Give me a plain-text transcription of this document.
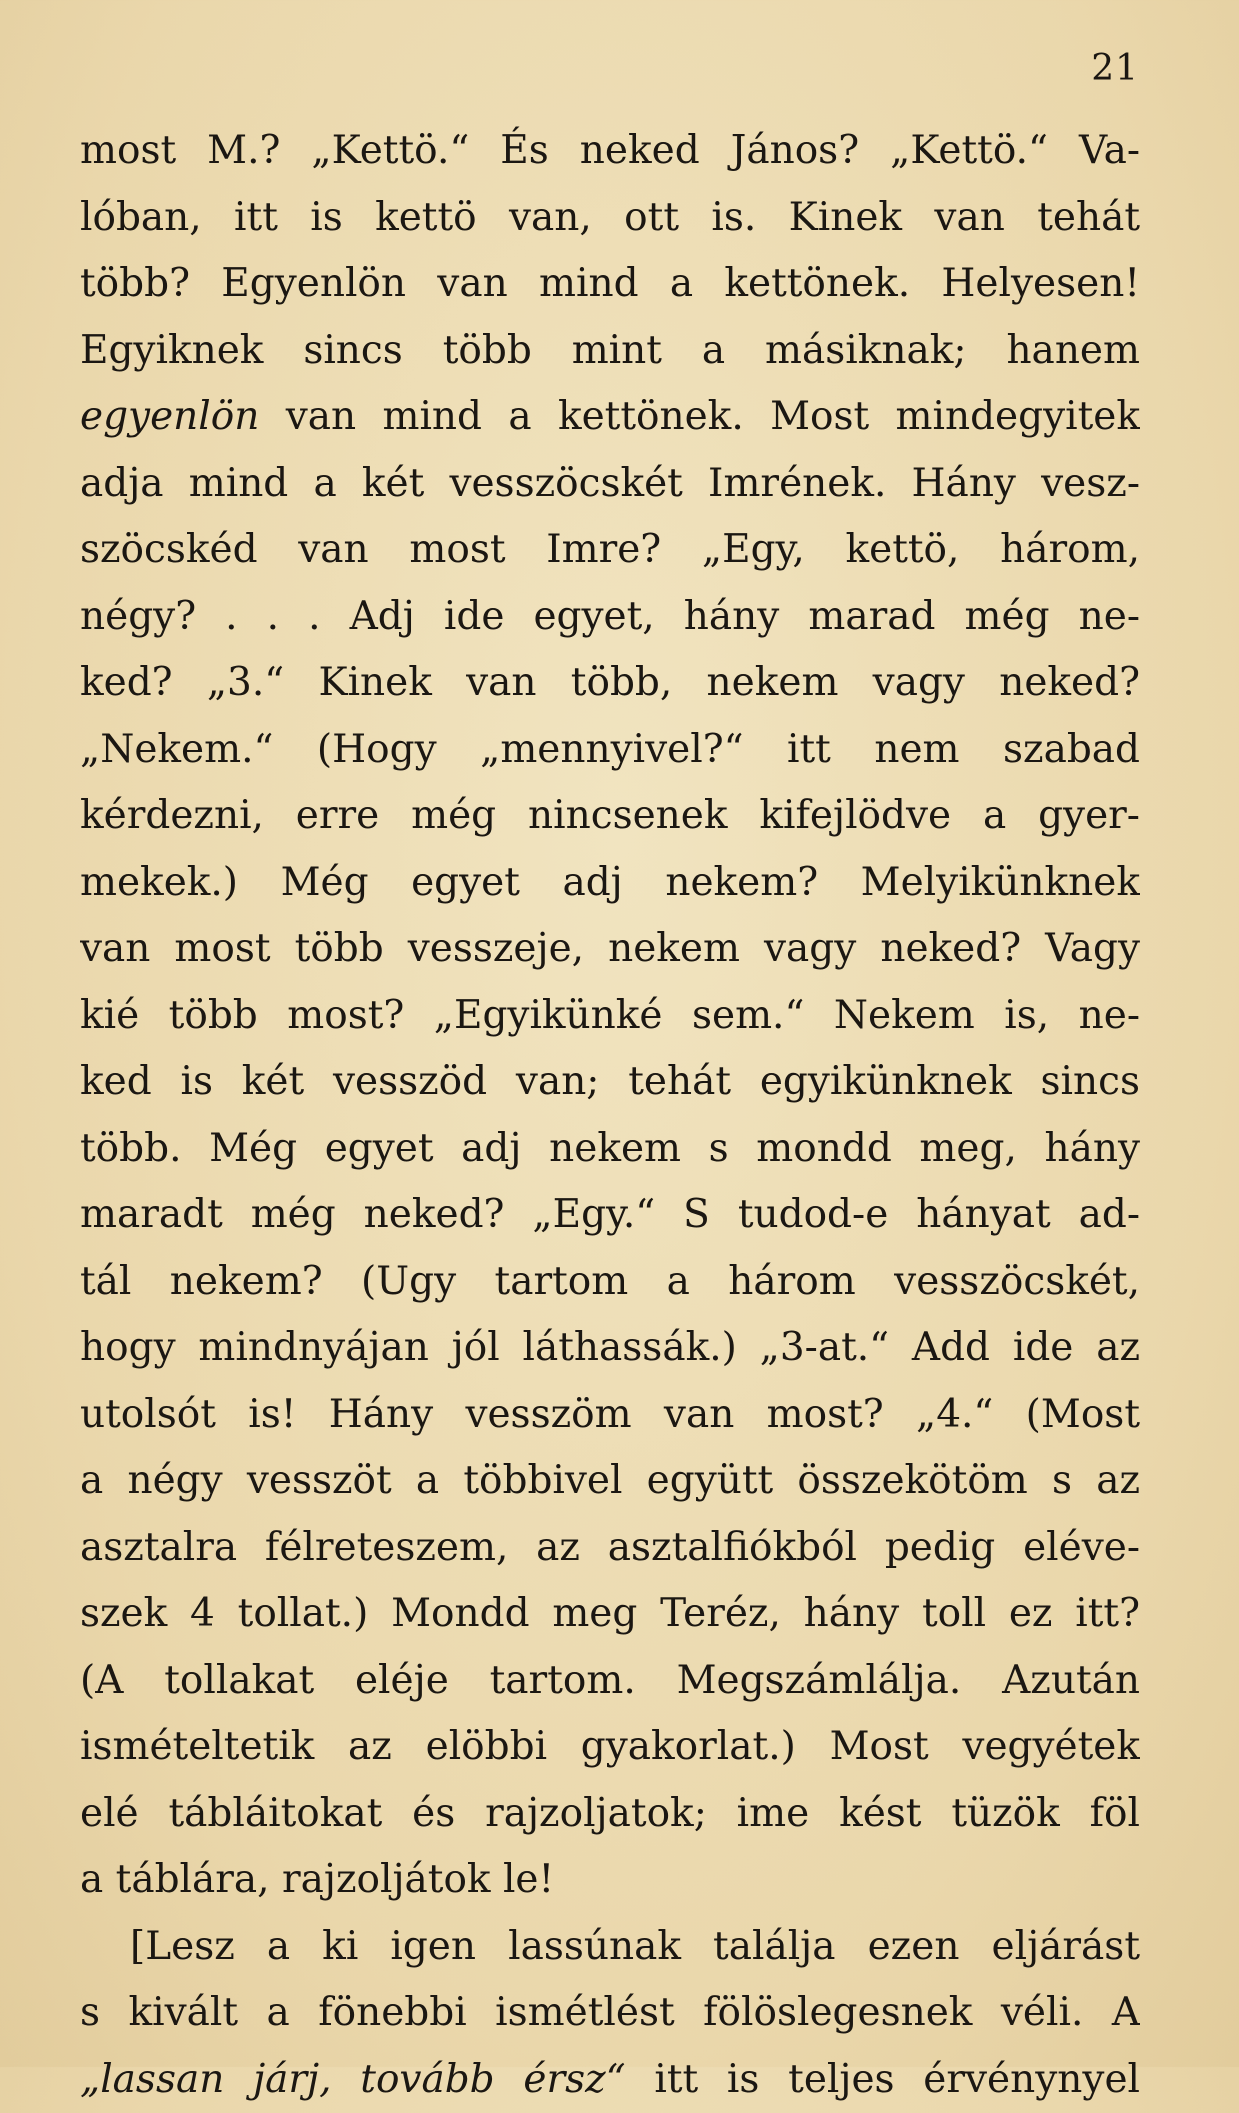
21
most M.? „Kettö.“ És neked János? „Kettö.“ Va-
lóban, itt is kettö van, ott is. Kinek van tehát
több? Egyenlön van mind a kettönek. Helyesen!
Egyiknek sincs több mint a másiknak; hanem
egyenlön van mind a kettönek. Most mindegyitek
adja mind a két vesszöcskét Imrének. Hány vesz-
szöcskéd van most Imre? „Egy, kettö, három,
négy? . . . Adj ide egyet, hány marad még ne-
ked? „3.“ Kinek van több, nekem vagy neked?
„Nekem.“ (Hogy „mennyivel?“ itt nem szabad
kérdezni, erre még nincsenek kifejlödve a gyer-
mekek.) Még egyet adj nekem? Melyikünknek
van most több vesszeje, nekem vagy neked? Vagy
kié több most? „Egyikünké sem.“ Nekem is, ne-
ked is két vesszöd van; tehát egyikünknek sincs
több. Még egyet adj nekem s mondd meg, hány
maradt még neked? „Egy.“ S tudod-e hányat ad-
tál nekem? (Ugy tartom a három vesszöcskét,
hogy mindnyájan jól láthassák.) „3-at.“ Add ide az
utolsót is! Hány vesszöm van most? „4.“ (Most
a négy vesszöt a többivel együtt összekötöm s az
asztalra félreteszem, az asztalfiókból pedig eléve-
szek 4 tollat.) Mondd meg Teréz, hány toll ez itt?
(A tollakat eléje tartom. Megszámlálja. Azután
ismételtetik az elöbbi gyakorlat.) Most vegyétek
elé tábláitokat és rajzoljatok; ime kést tüzök föl
a táblára, rajzoljátok le!
[Lesz a ki igen lassúnak találja ezen eljárást
s kivált a fönebbi ismétlést fölöslegesnek véli. A
„lassan járj, tovább érsz“ itt is teljes érvénynyel
